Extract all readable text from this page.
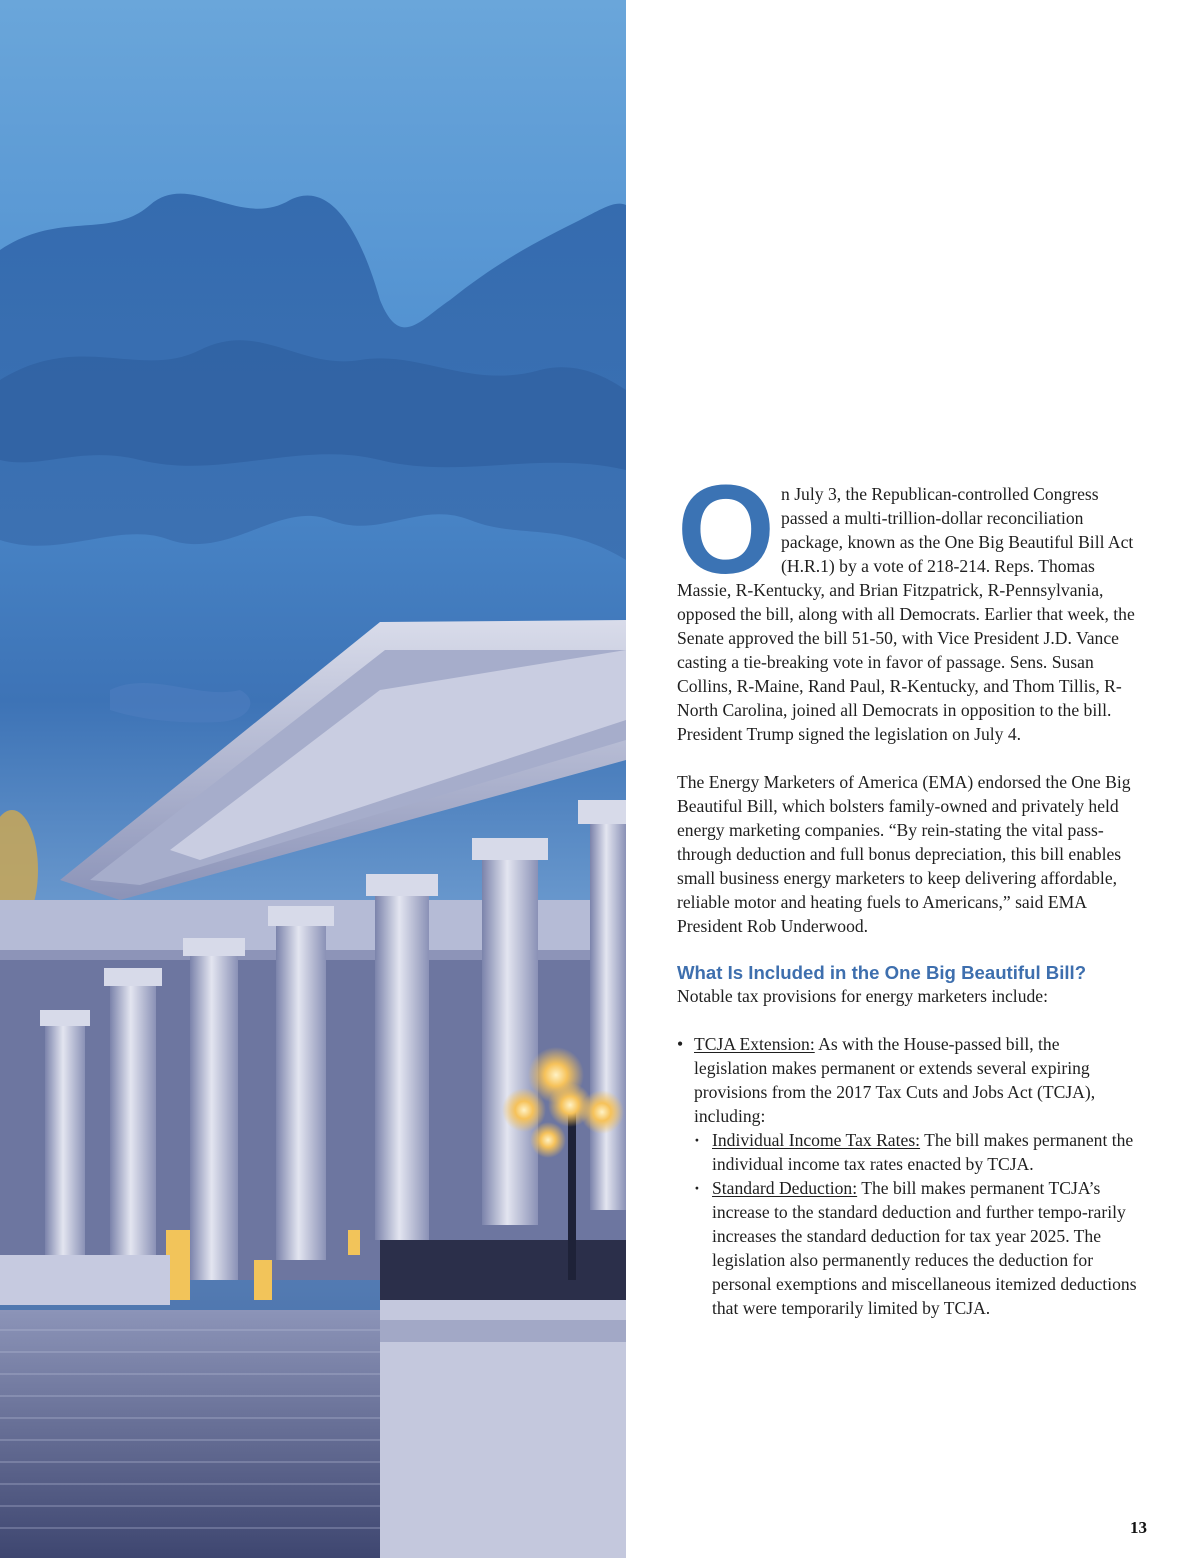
On July 3, the Republican-controlled Congress passed a multi-trillion-dollar reconciliation package, known as the One Big Beautiful Bill Act (H.R.1) by a vote of 218-214. Reps. Thomas Massie, R-Kentucky, and Brian Fitzpatrick, R-Pennsylvania, opposed the bill, along with all Democrats. Earlier that week, the Senate approved the bill 51-50, with Vice President J.D. Vance casting a tie-breaking vote in favor of passage. Sens. Susan Collins, R-Maine, Rand Paul, R-Kentucky, and Thom Tillis, R-North Carolina, joined all Democrats in opposition to the bill. President Trump signed the legislation on July 4.

The Energy Marketers of America (EMA) endorsed the One Big Beautiful Bill, which bolsters family-owned and privately held energy marketing companies. “By rein-stating the vital pass-through deduction and full bonus depreciation, this bill enables small business energy marketers to keep delivering affordable, reliable motor and heating fuels to Americans,” said EMA President Rob Underwood.

What Is Included in the One Big Beautiful Bill?

Notable tax provisions for energy marketers include:

• TCJA Extension: As with the House-passed bill, the legislation makes permanent or extends several expiring provisions from the 2017 Tax Cuts and Jobs Act (TCJA), including:
· Individual Income Tax Rates: The bill makes permanent the individual income tax rates enacted by TCJA.
· Standard Deduction: The bill makes permanent TCJA’s increase to the standard deduction and further tempo-rarily increases the standard deduction for tax year 2025. The legislation also permanently reduces the deduction for personal exemptions and miscellaneous itemized deductions that were temporarily limited by TCJA.
13
